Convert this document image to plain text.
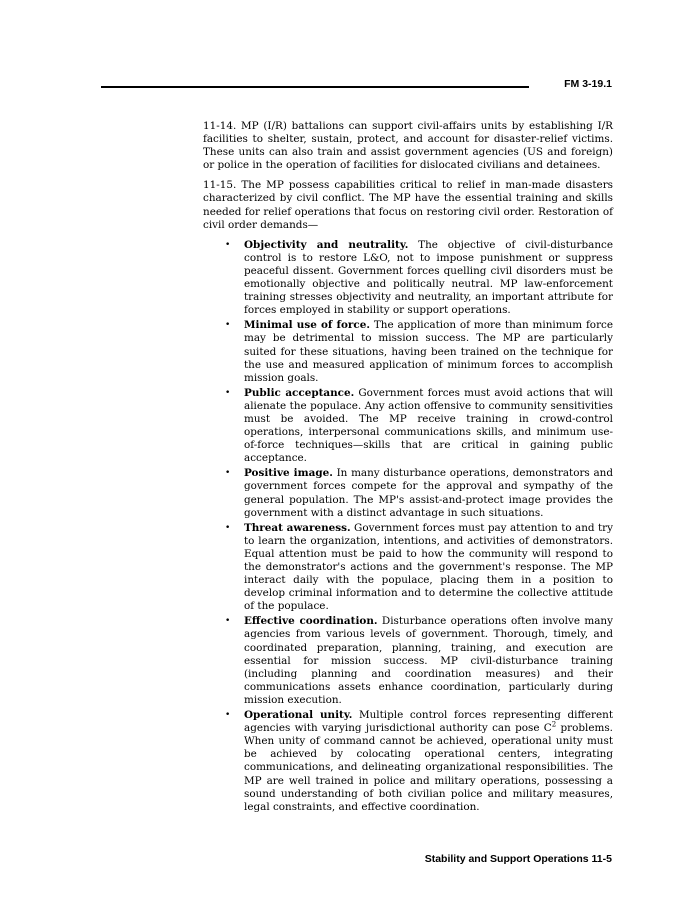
FM 3-19.1

11-14. MP (I/R) battalions can support civil-affairs units by establishing I/R facilities to shelter, sustain, protect, and account for disaster-relief victims. These units can also train and assist government agencies (US and foreign) or police in the operation of facilities for dislocated civilians and detainees.

11-15. The MP possess capabilities critical to relief in man-made disasters characterized by civil conflict. The MP have the essential training and skills needed for relief operations that focus on restoring civil order. Restoration of civil order demands—

• Objectivity and neutrality. The objective of civil-disturbance control is to restore L&O, not to impose punishment or suppress peaceful dissent. Government forces quelling civil disorders must be emotionally objective and politically neutral. MP law-enforcement training stresses objectivity and neutrality, an important attribute for forces employed in stability or support operations.
• Minimal use of force. The application of more than minimum force may be detrimental to mission success. The MP are particularly suited for these situations, having been trained on the technique for the use and measured application of minimum forces to accomplish mission goals.
• Public acceptance. Government forces must avoid actions that will alienate the populace. Any action offensive to community sensitivities must be avoided. The MP receive training in crowd-control operations, interpersonal communications skills, and minimum use-of-force techniques—skills that are critical in gaining public acceptance.
• Positive image. In many disturbance operations, demonstrators and government forces compete for the approval and sympathy of the general population. The MP's assist-and-protect image provides the government with a distinct advantage in such situations.
• Threat awareness. Government forces must pay attention to and try to learn the organization, intentions, and activities of demonstrators. Equal attention must be paid to how the community will respond to the demonstrator's actions and the government's response. The MP interact daily with the populace, placing them in a position to develop criminal information and to determine the collective attitude of the populace.
• Effective coordination. Disturbance operations often involve many agencies from various levels of government. Thorough, timely, and coordinated preparation, planning, training, and execution are essential for mission success. MP civil-disturbance training (including planning and coordination measures) and their communications assets enhance coordination, particularly during mission execution.
• Operational unity. Multiple control forces representing different agencies with varying jurisdictional authority can pose $C^2$ problems. When unity of command cannot be achieved, operational unity must be achieved by colocating operational centers, integrating communications, and delineating organizational responsibilities. The MP are well trained in police and military operations, possessing a sound understanding of both civilian police and military measures, legal constraints, and effective coordination.
Stability and Support Operations 11-5
